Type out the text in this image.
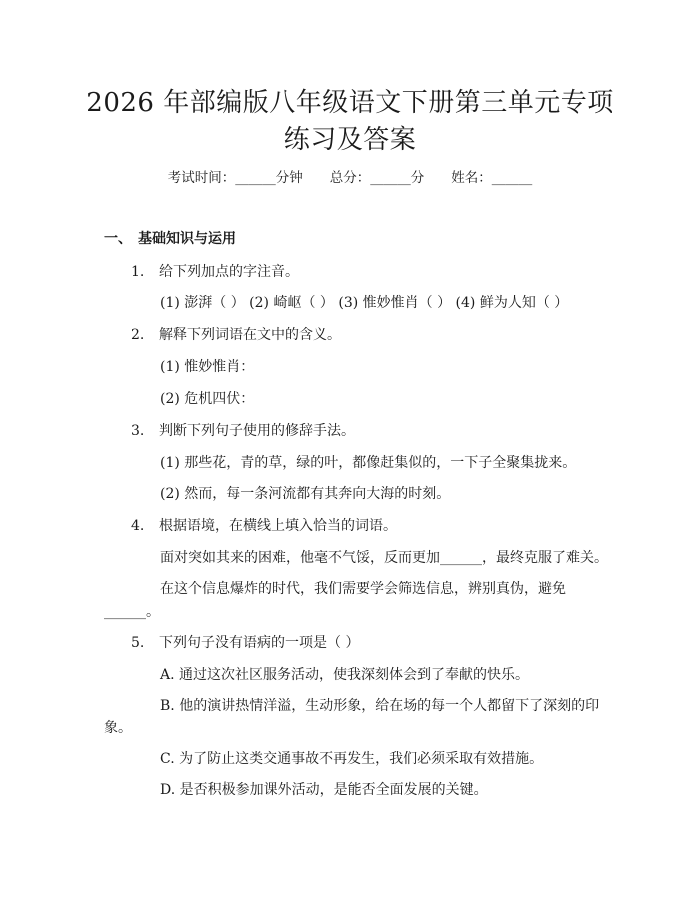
2026 年部编版八年级语文下册第三单元专项
练习及答案
考试时间：______分钟　　总分：______分　　姓名：______
一、 基础知识与运用
1. 给下列加点的字注音。
(1) 澎湃（ ） (2) 崎岖（ ） (3) 惟妙惟肖（ ） (4) 鲜为人知（ ）
2. 解释下列词语在文中的含义。
(1) 惟妙惟肖：
(2) 危机四伏：
3. 判断下列句子使用的修辞手法。
(1) 那些花，青的草，绿的叶，都像赶集似的，一下子全聚集拢来。
(2) 然而，每一条河流都有其奔向大海的时刻。
4. 根据语境，在横线上填入恰当的词语。
面对突如其来的困难，他毫不气馁，反而更加______，最终克服了难关。
在这个信息爆炸的时代，我们需要学会筛选信息，辨别真伪，避免
______。
5. 下列句子没有语病的一项是（ ）
A. 通过这次社区服务活动，使我深刻体会到了奉献的快乐。
B. 他的演讲热情洋溢，生动形象，给在场的每一个人都留下了深刻的印
象。
C. 为了防止这类交通事故不再发生，我们必须采取有效措施。
D. 是否积极参加课外活动，是能否全面发展的关键。
